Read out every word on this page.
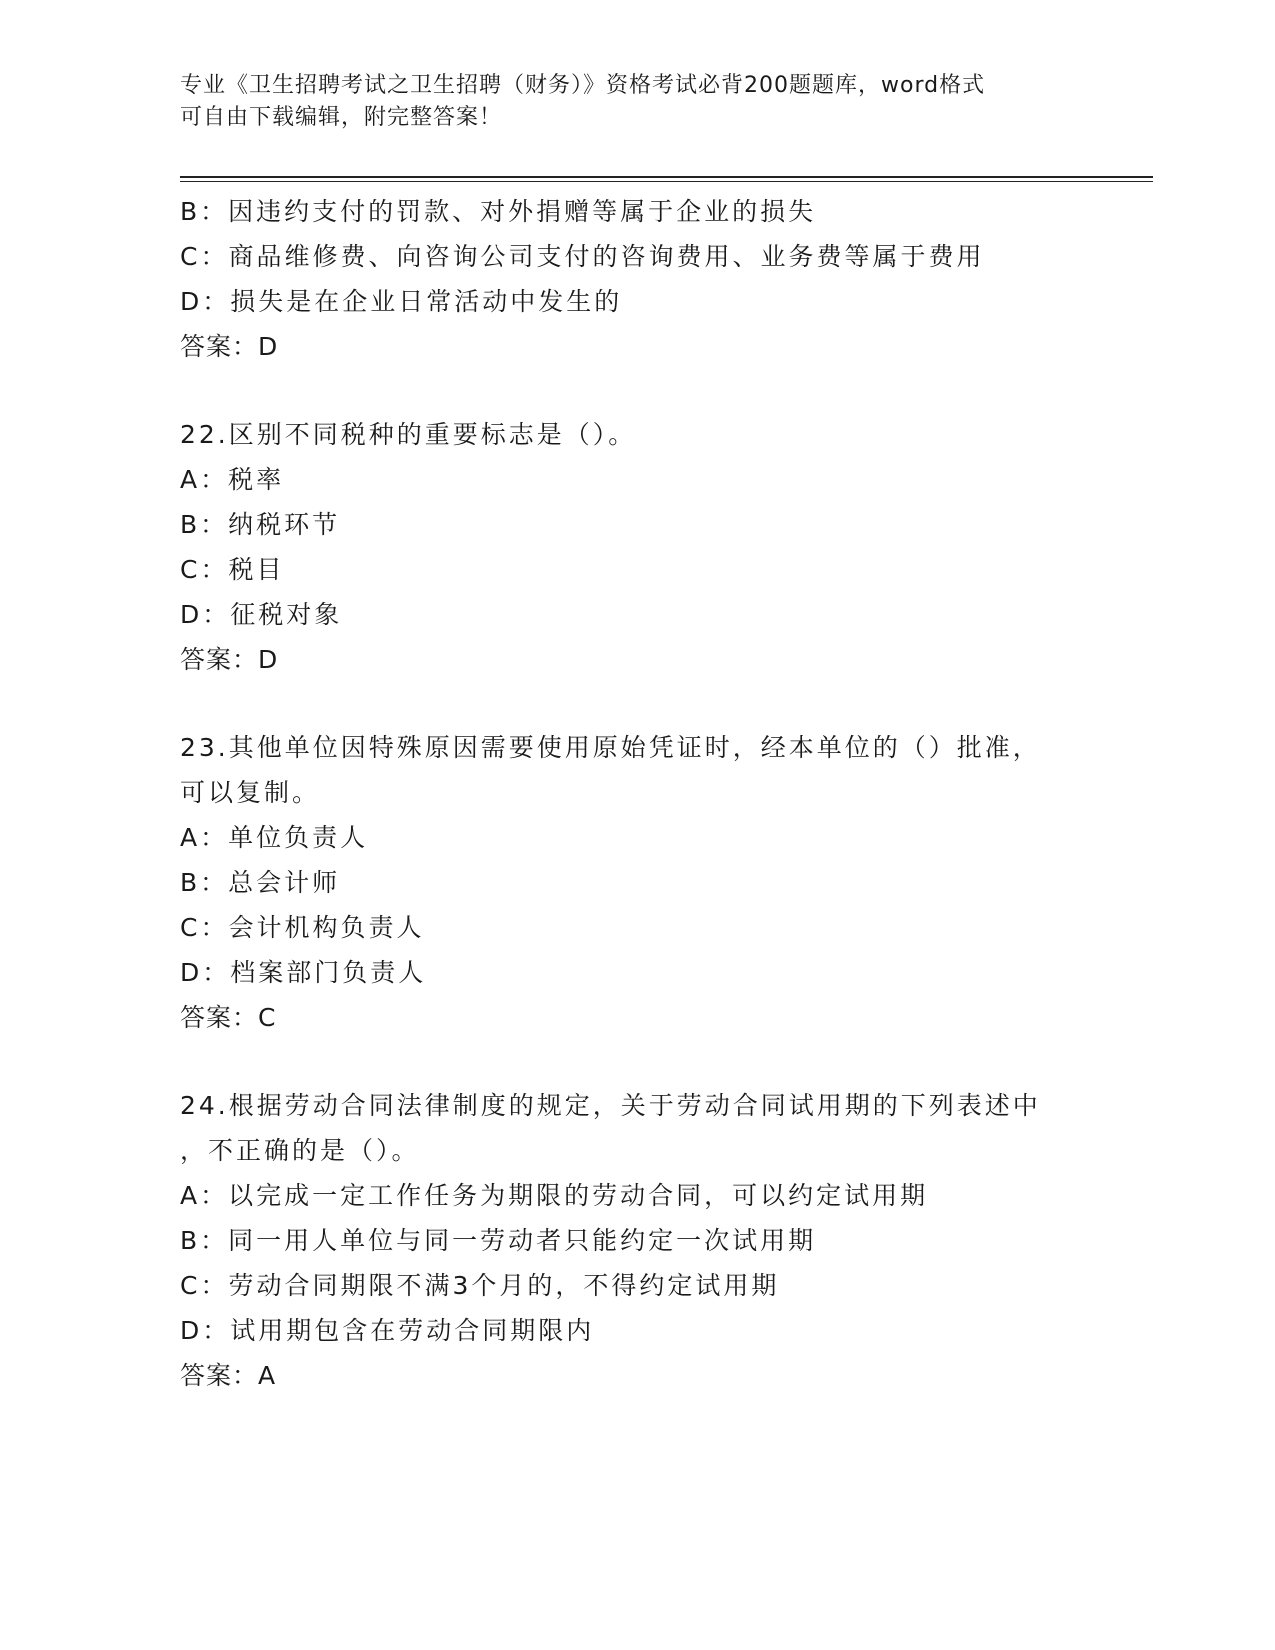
专业《卫生招聘考试之卫生招聘（财务）》资格考试必背200题题库，word格式
可自由下载编辑，附完整答案！
B：因违约支付的罚款、对外捐赠等属于企业的损失
C：商品维修费、向咨询公司支付的咨询费用、业务费等属于费用
D：损失是在企业日常活动中发生的
答案：D
22.区别不同税种的重要标志是（）。
A：税率
B：纳税环节
C：税目
D：征税对象
答案：D
23.其他单位因特殊原因需要使用原始凭证时，经本单位的（）批准，
可以复制。
A：单位负责人
B：总会计师
C：会计机构负责人
D：档案部门负责人
答案：C
24.根据劳动合同法律制度的规定，关于劳动合同试用期的下列表述中
，不正确的是（）。
A：以完成一定工作任务为期限的劳动合同，可以约定试用期
B：同一用人单位与同一劳动者只能约定一次试用期
C：劳动合同期限不满3个月的，不得约定试用期
D：试用期包含在劳动合同期限内
答案：A
